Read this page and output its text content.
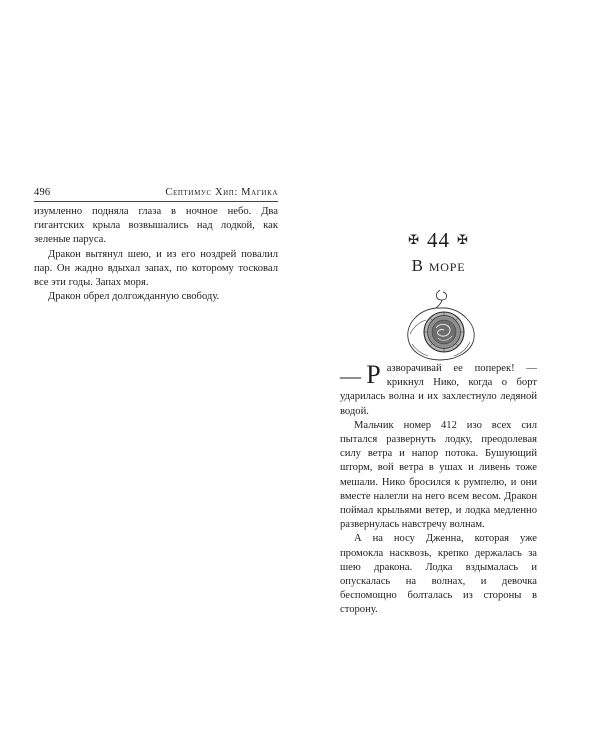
496	Септимус Хип: Магика

изумленно подняла глаза в ночное небо. Два гигантских крыла возвышались над лодкой, как зеленые паруса.

Дракон вытянул шею, и из его ноздрей повалил пар. Он жадно вдыхал запах, по которому тосковал все эти годы. Запах моря.

Дракон обрел долгожданную свободу.

✠ 44 ✠
В море

— Р азворачивай ее поперек! — крикнул Нико, когда о борт ударилась волна и их захлестнуло ледяной водой.

Мальчик номер 412 изо всех сил пытался развернуть лодку, преодолевая силу ветра и напор потока. Бушующий шторм, вой ветра в ушах и ливень тоже мешали. Нико бросился к румпелю, и они вместе налегли на него всем весом. Дракон поймал крыльями ветер, и лодка медленно развернулась навстречу волнам.

А на носу Дженна, которая уже промокла насквозь, крепко держалась за шею дракона. Лодка вздымалась и опускалась на волнах, и девочка беспомощно болталась из стороны в сторону.
